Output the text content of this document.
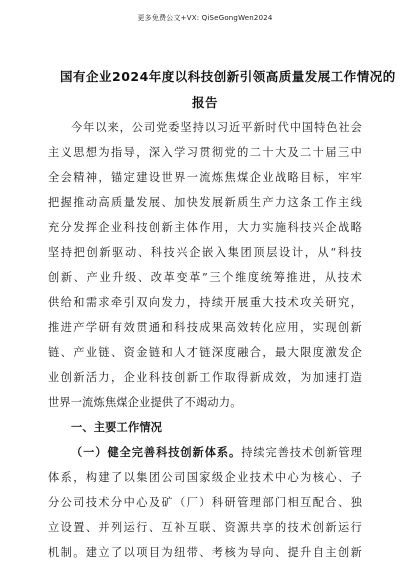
更多免费公文+VX: QiSeGongWen2024
国有企业2024年度以科技创新引领高质量发展工作情况的
报告
今年以来，公司党委坚持以习近平新时代中国特色社会
主义思想为指导，深入学习贯彻党的二十大及二十届三中
全会精神，锚定建设世界一流炼焦煤企业战略目标，牢牢
把握推动高质量发展、加快发展新质生产力这条工作主线
充分发挥企业科技创新主体作用，大力实施科技兴企战略
坚持把创新驱动、科技兴企嵌入集团顶层设计，从“科技
创新、产业升级、改革变革”三个维度统筹推进，从技术
供给和需求牵引双向发力，持续开展重大技术攻关研究，
推进产学研有效贯通和科技成果高效转化应用，实现创新
链、产业链、资金链和人才链深度融合，最大限度激发企
业创新活力，企业科技创新工作取得新成效，为加速打造
世界一流炼焦煤企业提供了不竭动力。
一、主要工作情况
（一）健全完善科技创新体系。持续完善技术创新管理
体系，构建了以集团公司国家级企业技术中心为核心、子
分公司技术分中心及矿（厂）科研管理部门相互配合、独
立设置、并列运行、互补互联、资源共享的技术创新运行
机制。建立了以项目为纽带、考核为导向、提升自主创新
